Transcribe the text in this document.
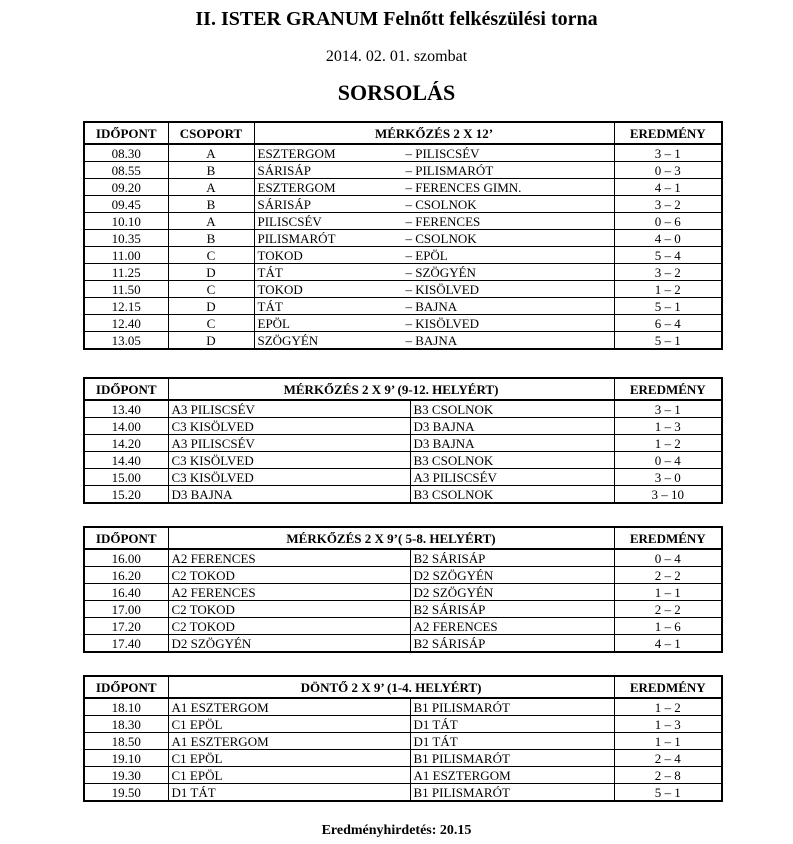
II. ISTER GRANUM Felnőtt felkészülési torna
2014. 02. 01. szombat
SORSOLÁS
IDŐPONT	CSOPORT	MÉRKŐZÉS 2 X 12’	EREDMÉNY
08.30	A	ESZTERGOM – PILISCSÉV	3 – 1
08.55	B	SÁRISÁP – PILISMARÓT	0 – 3
09.20	A	ESZTERGOM – FERENCES GIMN.	4 – 1
09.45	B	SÁRISÁP – CSOLNOK	3 – 2
10.10	A	PILISCSÉV – FERENCES	0 – 6
10.35	B	PILISMARÓT – CSOLNOK	4 – 0
11.00	C	TOKOD – EPÖL	5 – 4
11.25	D	TÁT – SZÖGYÉN	3 – 2
11.50	C	TOKOD – KISÖLVED	1 – 2
12.15	D	TÁT – BAJNA	5 – 1
12.40	C	EPÖL – KISÖLVED	6 – 4
13.05	D	SZÖGYÉN – BAJNA	5 – 1
IDŐPONT	MÉRKŐZÉS 2 X 9’ (9-12. HELYÉRT)		EREDMÉNY
13.40	A3 PILISCSÉV	B3 CSOLNOK	3 – 1
14.00	C3 KISÖLVED	D3 BAJNA	1 – 3
14.20	A3 PILISCSÉV	D3 BAJNA	1 – 2
14.40	C3 KISÖLVED	B3 CSOLNOK	0 – 4
15.00	C3 KISÖLVED	A3 PILISCSÉV	3 – 0
15.20	D3 BAJNA	B3 CSOLNOK	3 – 10
IDŐPONT	MÉRKŐZÉS 2 X 9’( 5-8. HELYÉRT)		EREDMÉNY
16.00	A2 FERENCES	B2 SÁRISÁP	0 – 4
16.20	C2 TOKOD	D2 SZÖGYÉN	2 – 2
16.40	A2 FERENCES	D2 SZÖGYÉN	1 – 1
17.00	C2 TOKOD	B2 SÁRISÁP	2 – 2
17.20	C2 TOKOD	A2 FERENCES	1 – 6
17.40	D2 SZÖGYÉN	B2 SÁRISÁP	4 – 1
IDŐPONT	DÖNTŐ 2 X 9’ (1-4. HELYÉRT)		EREDMÉNY
18.10	A1 ESZTERGOM	B1 PILISMARÓT	1 – 2
18.30	C1 EPÖL	D1 TÁT	1 – 3
18.50	A1 ESZTERGOM	D1 TÁT	1 – 1
19.10	C1 EPÖL	B1 PILISMARÓT	2 – 4
19.30	C1 EPÖL	A1 ESZTERGOM	2 – 8
19.50	D1 TÁT	B1 PILISMARÓT	5 – 1
Eredményhirdetés: 20.15
